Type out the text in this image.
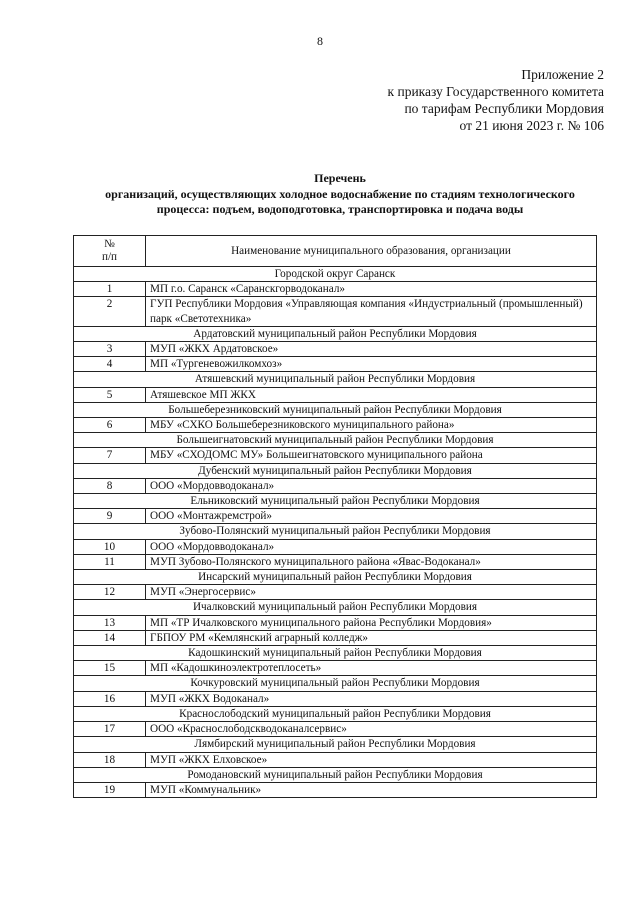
8
Приложение 2
к приказу Государственного комитета
по тарифам Республики Мордовия
от 21 июня 2023 г. № 106
Перечень
организаций, осуществляющих холодное водоснабжение по стадиям технологического
процесса: подъем, водоподготовка, транспортировка и подача воды
№
п/п	Наименование муниципального образования, организации
Городской округ Саранск	
1	МП г.о. Саранск «Саранскгорводоканал»
2	ГУП Республики Мордовия «Управляющая компания «Индустриальный (промышленный) парк «Светотехника»
Ардатовский муниципальный район Республики Мордовия	
3	МУП «ЖКХ Ардатовское»
4	МП «Тургеневожилкомхоз»
Атяшевский муниципальный район Республики Мордовия	
5	Атяшевское МП ЖКХ
Большеберезниковский муниципальный район Республики Мордовия	
6	МБУ «СХКО Большеберезниковского муниципального района»
Большеигнатовский муниципальный район Республики Мордовия	
7	МБУ «СХОДОМС МУ» Большеигнатовского муниципального района
Дубенский муниципальный район Республики Мордовия	
8	ООО «Мордовводоканал»
Ельниковский муниципальный район Республики Мордовия	
9	ООО «Монтажремстрой»
Зубово-Полянский муниципальный район Республики Мордовия	
10	ООО «Мордовводоканал»
11	МУП Зубово-Полянского муниципального района «Явас-Водоканал»
Инсарский муниципальный район Республики Мордовия	
12	МУП «Энергосервис»
Ичалковский муниципальный район Республики Мордовия	
13	МП «ТР Ичалковского муниципального района Республики Мордовия»
14	ГБПОУ РМ «Кемлянский аграрный колледж»
Кадошкинский муниципальный район Республики Мордовия	
15	МП «Кадошкиноэлектротеплосеть»
Кочкуровский муниципальный район Республики Мордовия	
16	МУП «ЖКХ Водоканал»
Краснослободский муниципальный район Республики Мордовия	
17	ООО «Краснослободскводоканалсервис»
Лямбирский муниципальный район Республики Мордовия	
18	МУП «ЖКХ Елховское»
Ромодановский муниципальный район Республики Мордовия	
19	МУП «Коммунальник»
